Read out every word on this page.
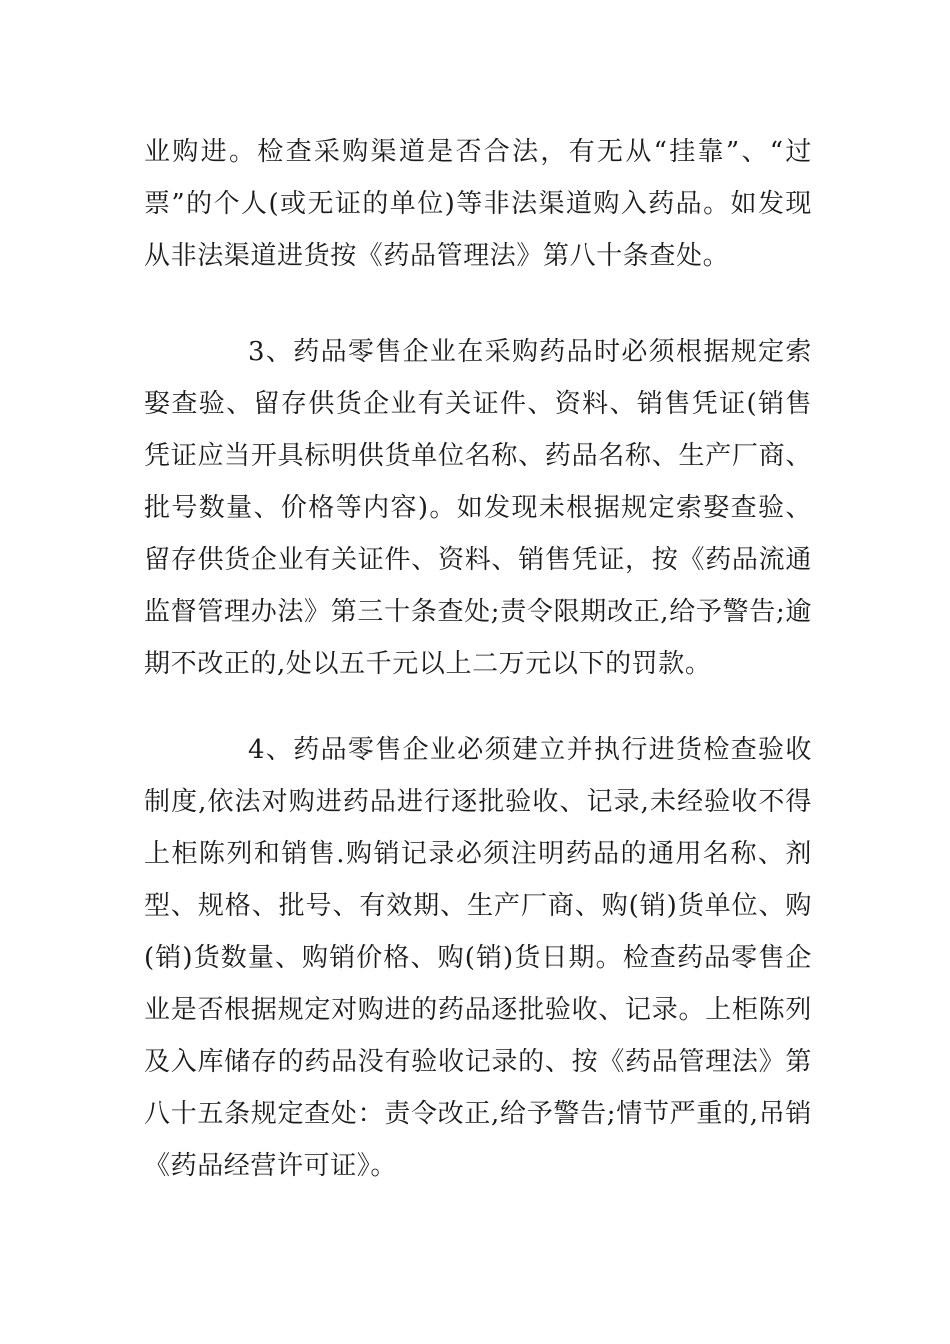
业购进。检查采购渠道是否合法，有无从“挂靠”、“过票”的个人(或无证的单位)等非法渠道购入药品。如发现从非法渠道进货按《药品管理法》第八十条查处。

3、药品零售企业在采购药品时必须根据规定索娶查验、留存供货企业有关证件、资料、销售凭证(销售凭证应当开具标明供货单位名称、药品名称、生产厂商、批号数量、价格等内容)。如发现未根据规定索娶查验、留存供货企业有关证件、资料、销售凭证，按《药品流通监督管理办法》第三十条查处;责令限期改正,给予警告;逾期不改正的,处以五千元以上二万元以下的罚款。

4、药品零售企业必须建立并执行进货检查验收制度,依法对购进药品进行逐批验收、记录,未经验收不得上柜陈列和销售.购销记录必须注明药品的通用名称、剂型、规格、批号、有效期、生产厂商、购(销)货单位、购(销)货数量、购销价格、购(销)货日期。检查药品零售企业是否根据规定对购进的药品逐批验收、记录。上柜陈列及入库储存的药品没有验收记录的、按《药品管理法》第八十五条规定查处：责令改正,给予警告;情节严重的,吊销《药品经营许可证》。
